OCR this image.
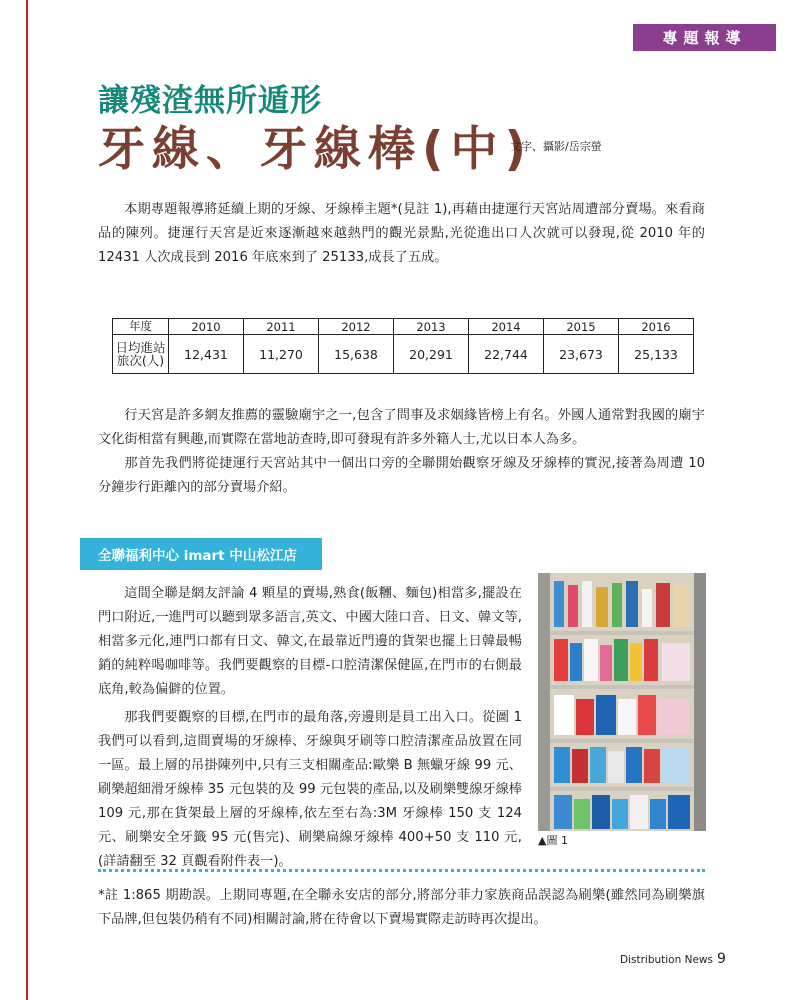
專題報導
讓殘渣無所遁形
牙線、牙線棒(中)
文字、攝影/岳宗螢
本期專題報導將延續上期的牙線、牙線棒主題*(見註 1),再藉由捷運行天宮站周遭部分賣場。來看商品的陳列。捷運行天宮是近來逐漸越來越熱門的觀光景點,光從進出口人次就可以發現,從 2010 年的 12431 人次成長到 2016 年底來到了 25133,成長了五成。
年度	2010	2011	2012	2013	2014	2015	2016
日均進站旅次(人)	12,431	11,270	15,638	20,291	22,744	23,673	25,133
行天宮是許多網友推薦的靈驗廟宇之一,包含了問事及求姻緣皆榜上有名。外國人通常對我國的廟宇文化街相當有興趣,而實際在當地訪查時,即可發現有許多外籍人士,尤以日本人為多。
那首先我們將從捷運行天宮站其中一個出口旁的全聯開始觀察牙線及牙線棒的實況,接著為周遭 10 分鐘步行距離內的部分賣場介紹。
全聯福利中心 imart 中山松江店
這間全聯是網友評論 4 顆星的賣場,熟食(飯糰、麵包)相當多,擺設在門口附近,一進門可以聽到眾多語言,英文、中國大陸口音、日文、韓文等,相當多元化,連門口都有日文、韓文,在最靠近門邊的貨架也擺上日韓最暢銷的純粹喝咖啡等。我們要觀察的目標-口腔清潔保健區,在門市的右側最底角,較為偏僻的位置。
那我們要觀察的目標,在門市的最角落,旁邊則是員工出入口。從圖 1 我們可以看到,這間賣場的牙線棒、牙線與牙刷等口腔清潔產品放置在同一區。最上層的吊掛陳列中,只有三支相關產品:歐樂 B 無蠟牙線 99 元、刷樂超細滑牙線棒 35 元包裝的及 99 元包裝的產品,以及刷樂雙線牙線棒 109 元,那在貨架最上層的牙線棒,依左至右為:3M 牙線棒 150 支 124 元、刷樂安全牙籤 95 元(售完)、刷樂扁線牙線棒 400+50 支 110 元,(詳請翻至 32 頁觀看附件表一)。
▲圖 1
*註 1:865 期勘誤。上期同專題,在全聯永安店的部分,將部分菲力家族商品誤認為刷樂(雖然同為刷樂旗下品牌,但包裝仍稍有不同)相關討論,將在待會以下賣場實際走訪時再次提出。
Distribution News 9
